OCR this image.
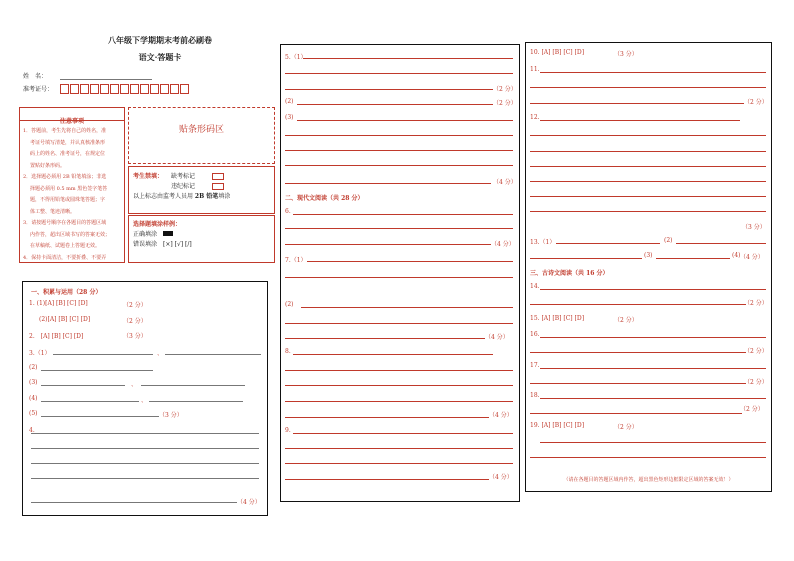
八年级下学期期末考前必刷卷
语文·答题卡
姓　名：
准考证号：
注意事项
1．答题前，考生先将自己的姓名，准
考证号填写清楚，并认真核准条形
码上的姓名、准考证号，在规定位
置贴好条形码。
2．选择题必须用 2B 铅笔填涂；非选
择题必须用 0.5 mm 黑色签字笔答
题，不得用铅笔或圆珠笔答题；字
体工整、笔迹清晰。
3．请按题号顺序在各题目的答题区域
内作答，超出区域书写的答案无效；
在草稿纸、试题卷上答题无效。
4．保持卡面清洁，不要折叠、不要弄
贴条形码区
考生禁填： 缺考标记
违纪标记
以上标志由监考人员用 2B 铅笔填涂
选择题填涂样例：
正确填涂
错误填涂 [×] [√] [/]
一、积累与运用（28 分）
1. (1)[A] [B] [C] [D]	（2 分）
(2)[A] [B] [C] [D]	（2 分）
2.　[A] [B] [C] [D]	（3 分）
3.（1）	、
(2)
(3)	、
(4)	、
(5)	（3 分）
4.
（4 分）
5.（1）
（2 分）
(2)	（2 分）
(3)
（4 分）
二、现代文阅读（共 28 分）
6.
（4 分）
7.（1）
(2)
（4 分）
8.
（4 分）
9.
（4 分）
10. [A] [B] [C] [D]	（3 分）
11.
（2 分）
12.
（3 分）
13.（1）	(2)
(3)	(4) （4 分）
三、古诗文阅读（共 16 分）
14.
（2 分）
15. [A] [B] [C] [D]	（2 分）
16.
（2 分）
17.
（2 分）
18.
（2 分）
19. [A] [B] [C] [D]	（2 分）
（请在各题目的答题区域内作答，超出黑色矩形边框限定区域的答案无效！）
